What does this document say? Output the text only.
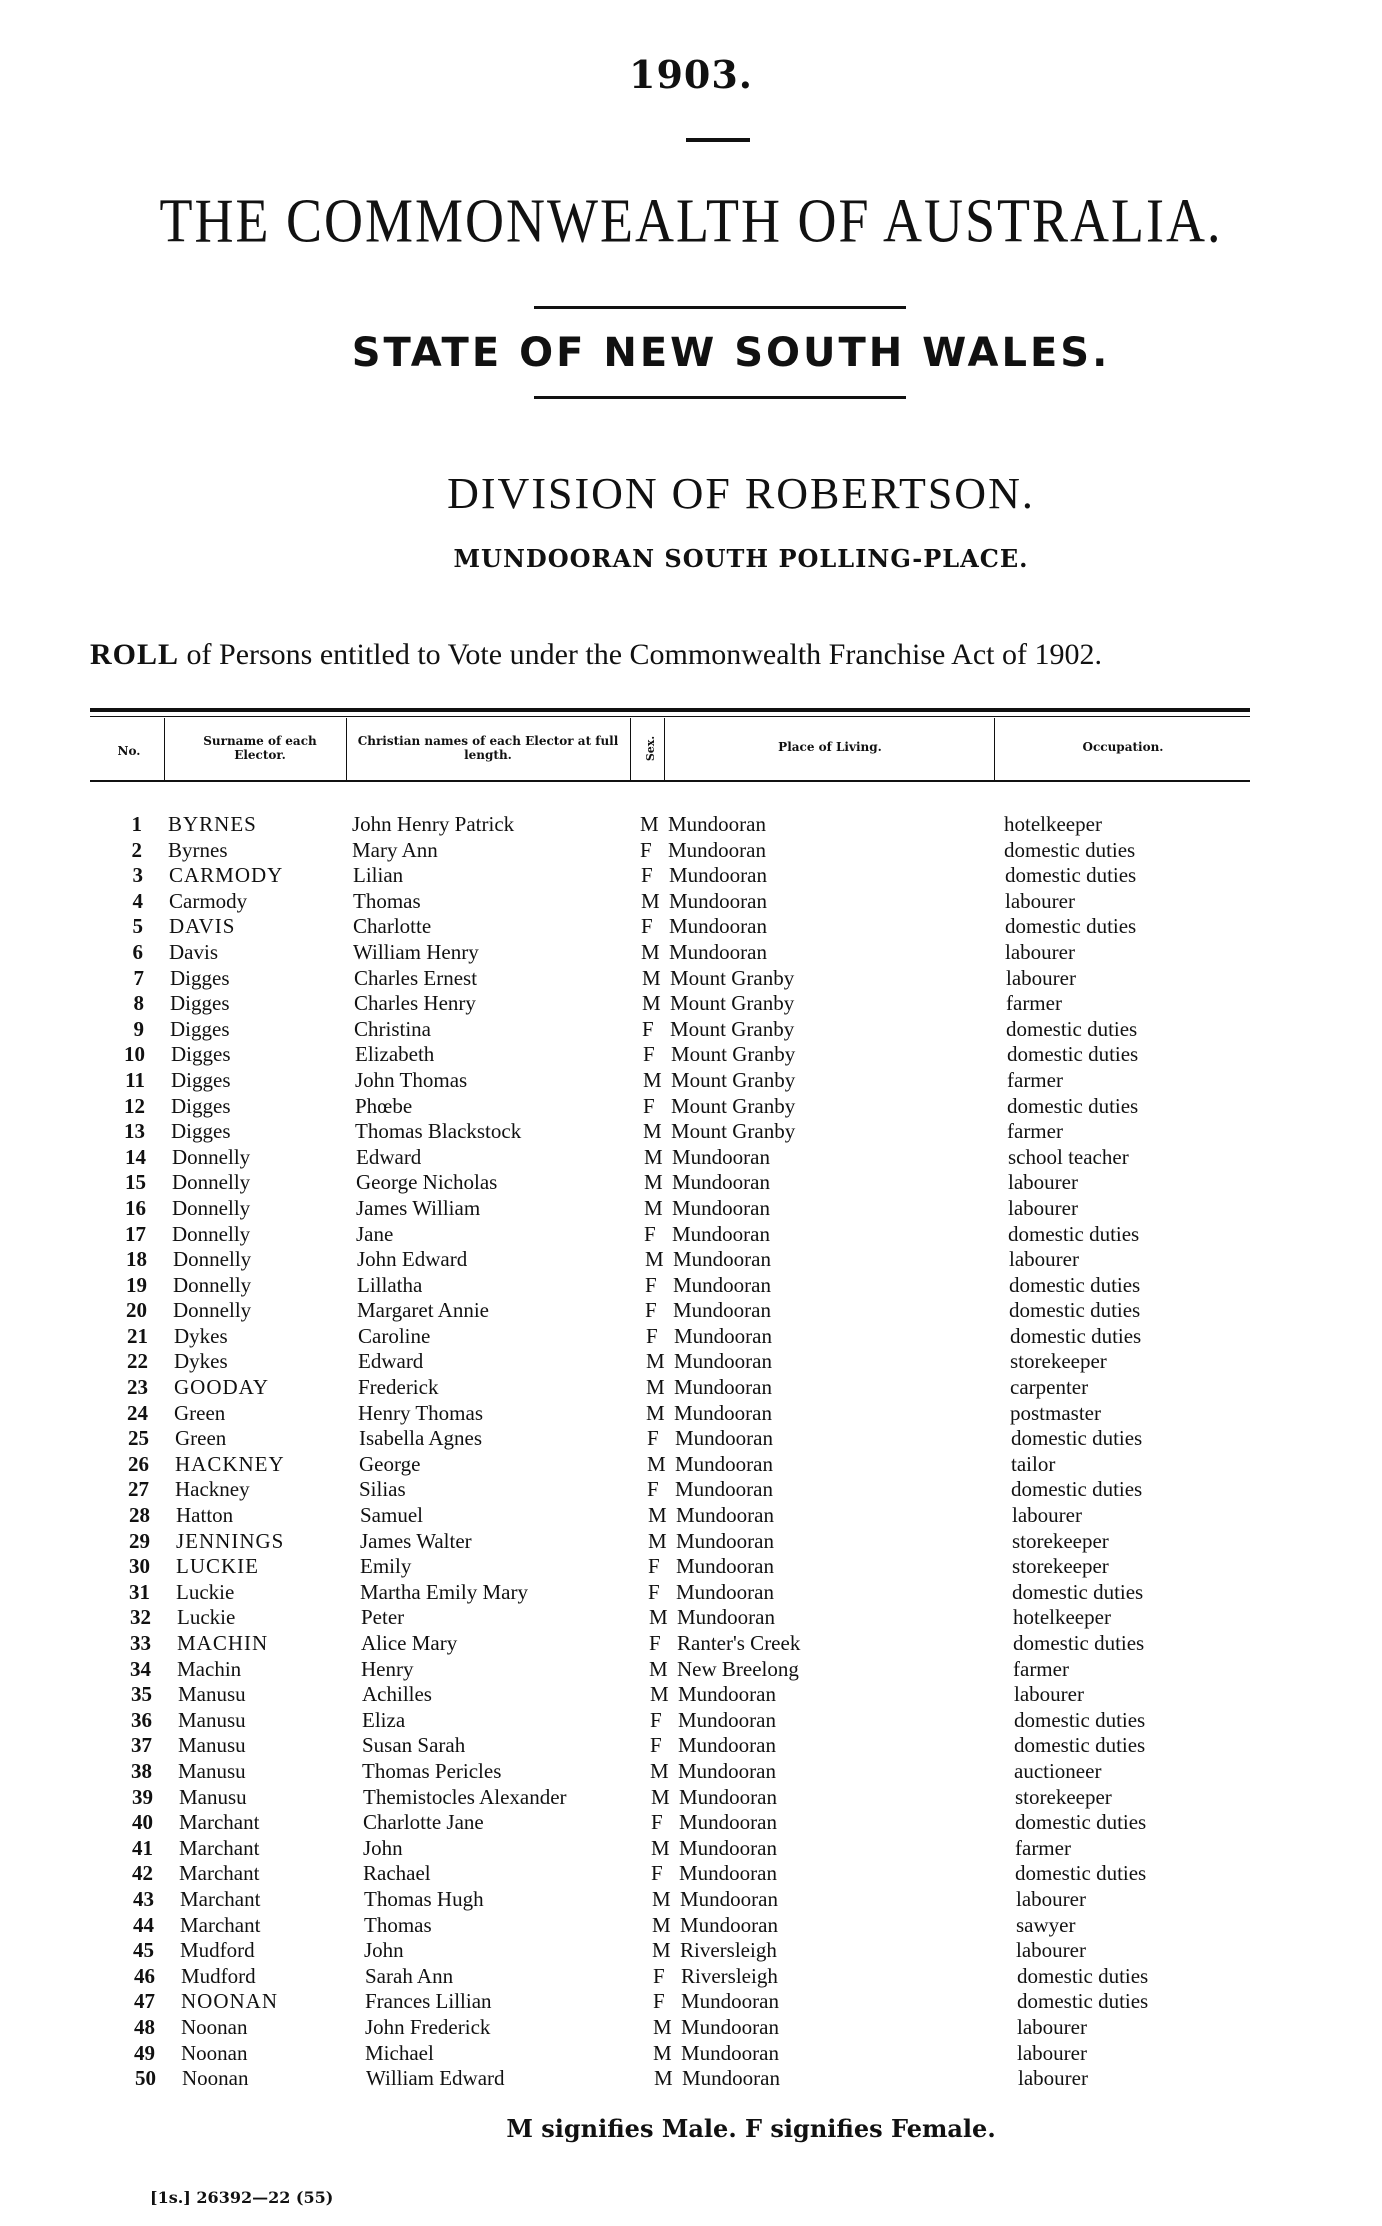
1903.
THE COMMONWEALTH OF AUSTRALIA.
STATE OF NEW SOUTH WALES.
DIVISION OF ROBERTSON.
MUNDOORAN SOUTH POLLING-PLACE.
ROLL of Persons entitled to Vote under the Commonwealth Franchise Act of 1902.
No.
Surname of each Elector.
Christian names of each Elector at full length.	Sex.	Place of Living.	Occupation.
1 BYRNES	John Henry Patrick	M Mundooran	hotelkeeper
2 Byrnes	Mary Ann	F Mundooran	domestic duties
3 CARMODY	Lilian	F Mundooran	domestic duties
4 Carmody	Thomas	M Mundooran	labourer
5 DAVIS	Charlotte	F Mundooran	domestic duties
6 Davis	William Henry	M Mundooran	labourer
7 Digges	Charles Ernest	M Mount Granby	labourer
8 Digges	Charles Henry	M Mount Granby	farmer
9 Digges	Christina	F Mount Granby	domestic duties
10 Digges	Elizabeth	F Mount Granby	domestic duties
11 Digges	John Thomas	M Mount Granby	farmer
12 Digges	Phœbe	F Mount Granby	domestic duties
13 Digges	Thomas Blackstock	M Mount Granby	farmer
14 Donnelly	Edward	M Mundooran	school teacher
15 Donnelly	George Nicholas	M Mundooran	labourer
16 Donnelly	James William	M Mundooran	labourer
17 Donnelly	Jane	F Mundooran	domestic duties
18 Donnelly	John Edward	M Mundooran	labourer
19 Donnelly	Lillatha	F Mundooran	domestic duties
20 Donnelly	Margaret Annie	F Mundooran	domestic duties
21 Dykes	Caroline	F Mundooran	domestic duties
22 Dykes	Edward	M Mundooran	storekeeper
23 GOODAY	Frederick	M Mundooran	carpenter
24 Green	Henry Thomas	M Mundooran	postmaster
25 Green	Isabella Agnes	F Mundooran	domestic duties
26 HACKNEY	George	M Mundooran	tailor
27 Hackney	Silias	F Mundooran	domestic duties
28 Hatton	Samuel	M Mundooran	labourer
29 JENNINGS	James Walter	M Mundooran	storekeeper
30 LUCKIE	Emily	F Mundooran	storekeeper
31 Luckie	Martha Emily Mary	F Mundooran	domestic duties
32 Luckie	Peter	M Mundooran	hotelkeeper
33 MACHIN	Alice Mary	F Ranter's Creek	domestic duties
34 Machin	Henry	M New Breelong	farmer
35 Manusu	Achilles	M Mundooran	labourer
36 Manusu	Eliza	F Mundooran	domestic duties
37 Manusu	Susan Sarah	F Mundooran	domestic duties
38 Manusu	Thomas Pericles	M Mundooran	auctioneer
39 Manusu	Themistocles Alexander	M Mundooran	storekeeper
40 Marchant	Charlotte Jane	F Mundooran	domestic duties
41 Marchant	John	M Mundooran	farmer
42 Marchant	Rachael	F Mundooran	domestic duties
43 Marchant	Thomas Hugh	M Mundooran	labourer
44 Marchant	Thomas	M Mundooran	sawyer
45 Mudford	John	M Riversleigh	labourer
46 Mudford	Sarah Ann	F Riversleigh	domestic duties
47 NOONAN	Frances Lillian	F Mundooran	domestic duties
48 Noonan	John Frederick	M Mundooran	labourer
49 Noonan	Michael	M Mundooran	labourer
50 Noonan	William Edward	M Mundooran	labourer
M signifies Male. F signifies Female.
[1s.] 26392—22 (55)
